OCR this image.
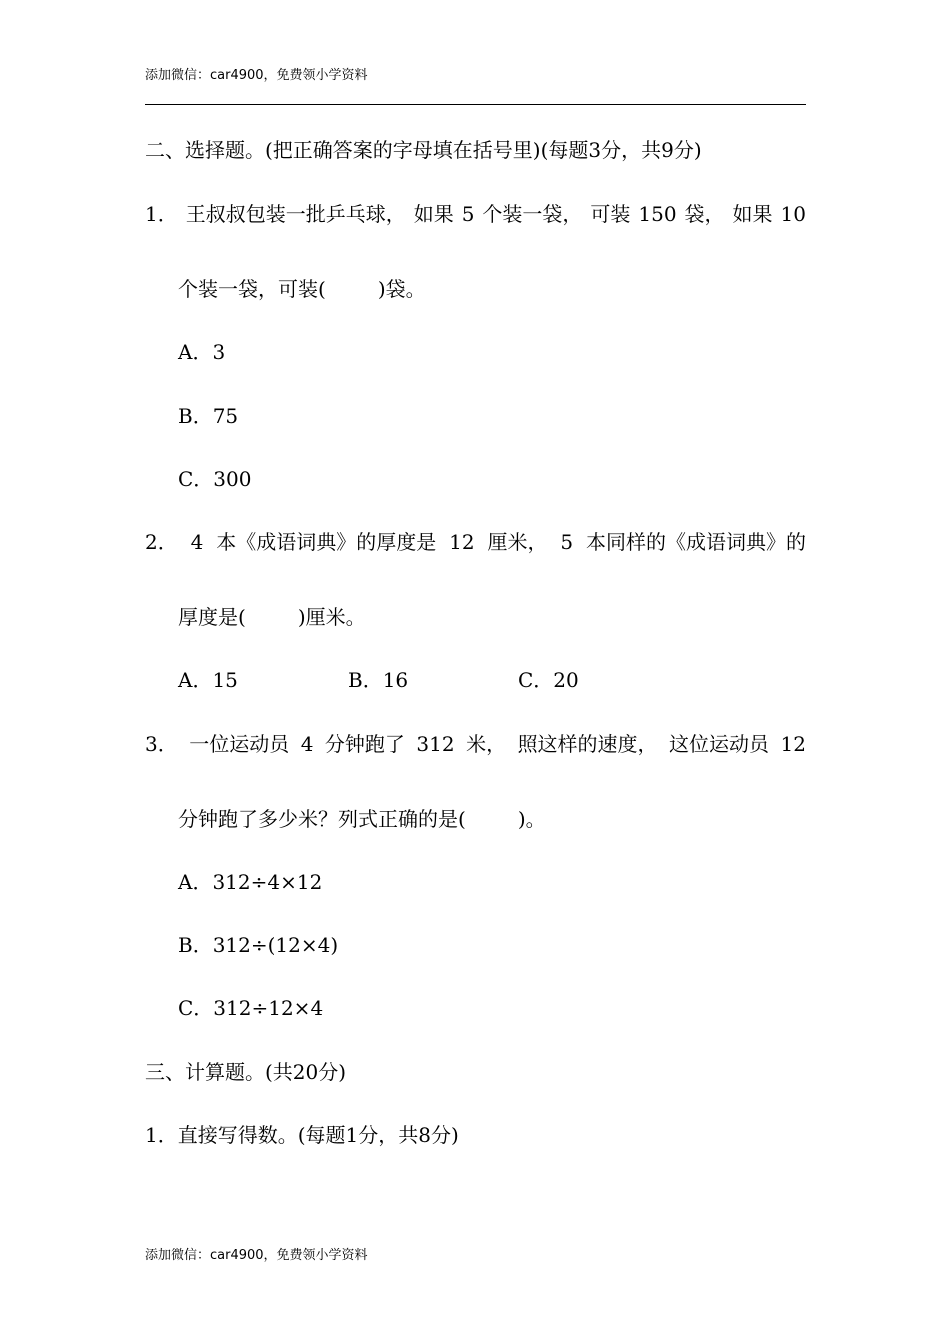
添加微信：car4900，免费领小学资料
二、选择题。(把正确答案的字母填在括号里)(每题3分，共9分)
1． 王叔叔包装一批乒乓球， 如果 5 个装一袋， 可装 150 袋， 如果 10
个装一袋，可装(	)袋。
A．3
B．75
C．300
2． 4 本《成语词典》的厚度是 12 厘米， 5 本同样的《成语词典》的
厚度是(	)厘米。
A．15	B．16	C．20
3． 一位运动员 4 分钟跑了 312 米， 照这样的速度， 这位运动员 12
分钟跑了多少米？列式正确的是(	)。
A．312÷4×12
B．312÷(12×4)
C．312÷12×4
三、计算题。(共20分)
1．直接写得数。(每题1分，共8分)
添加微信：car4900，免费领小学资料
